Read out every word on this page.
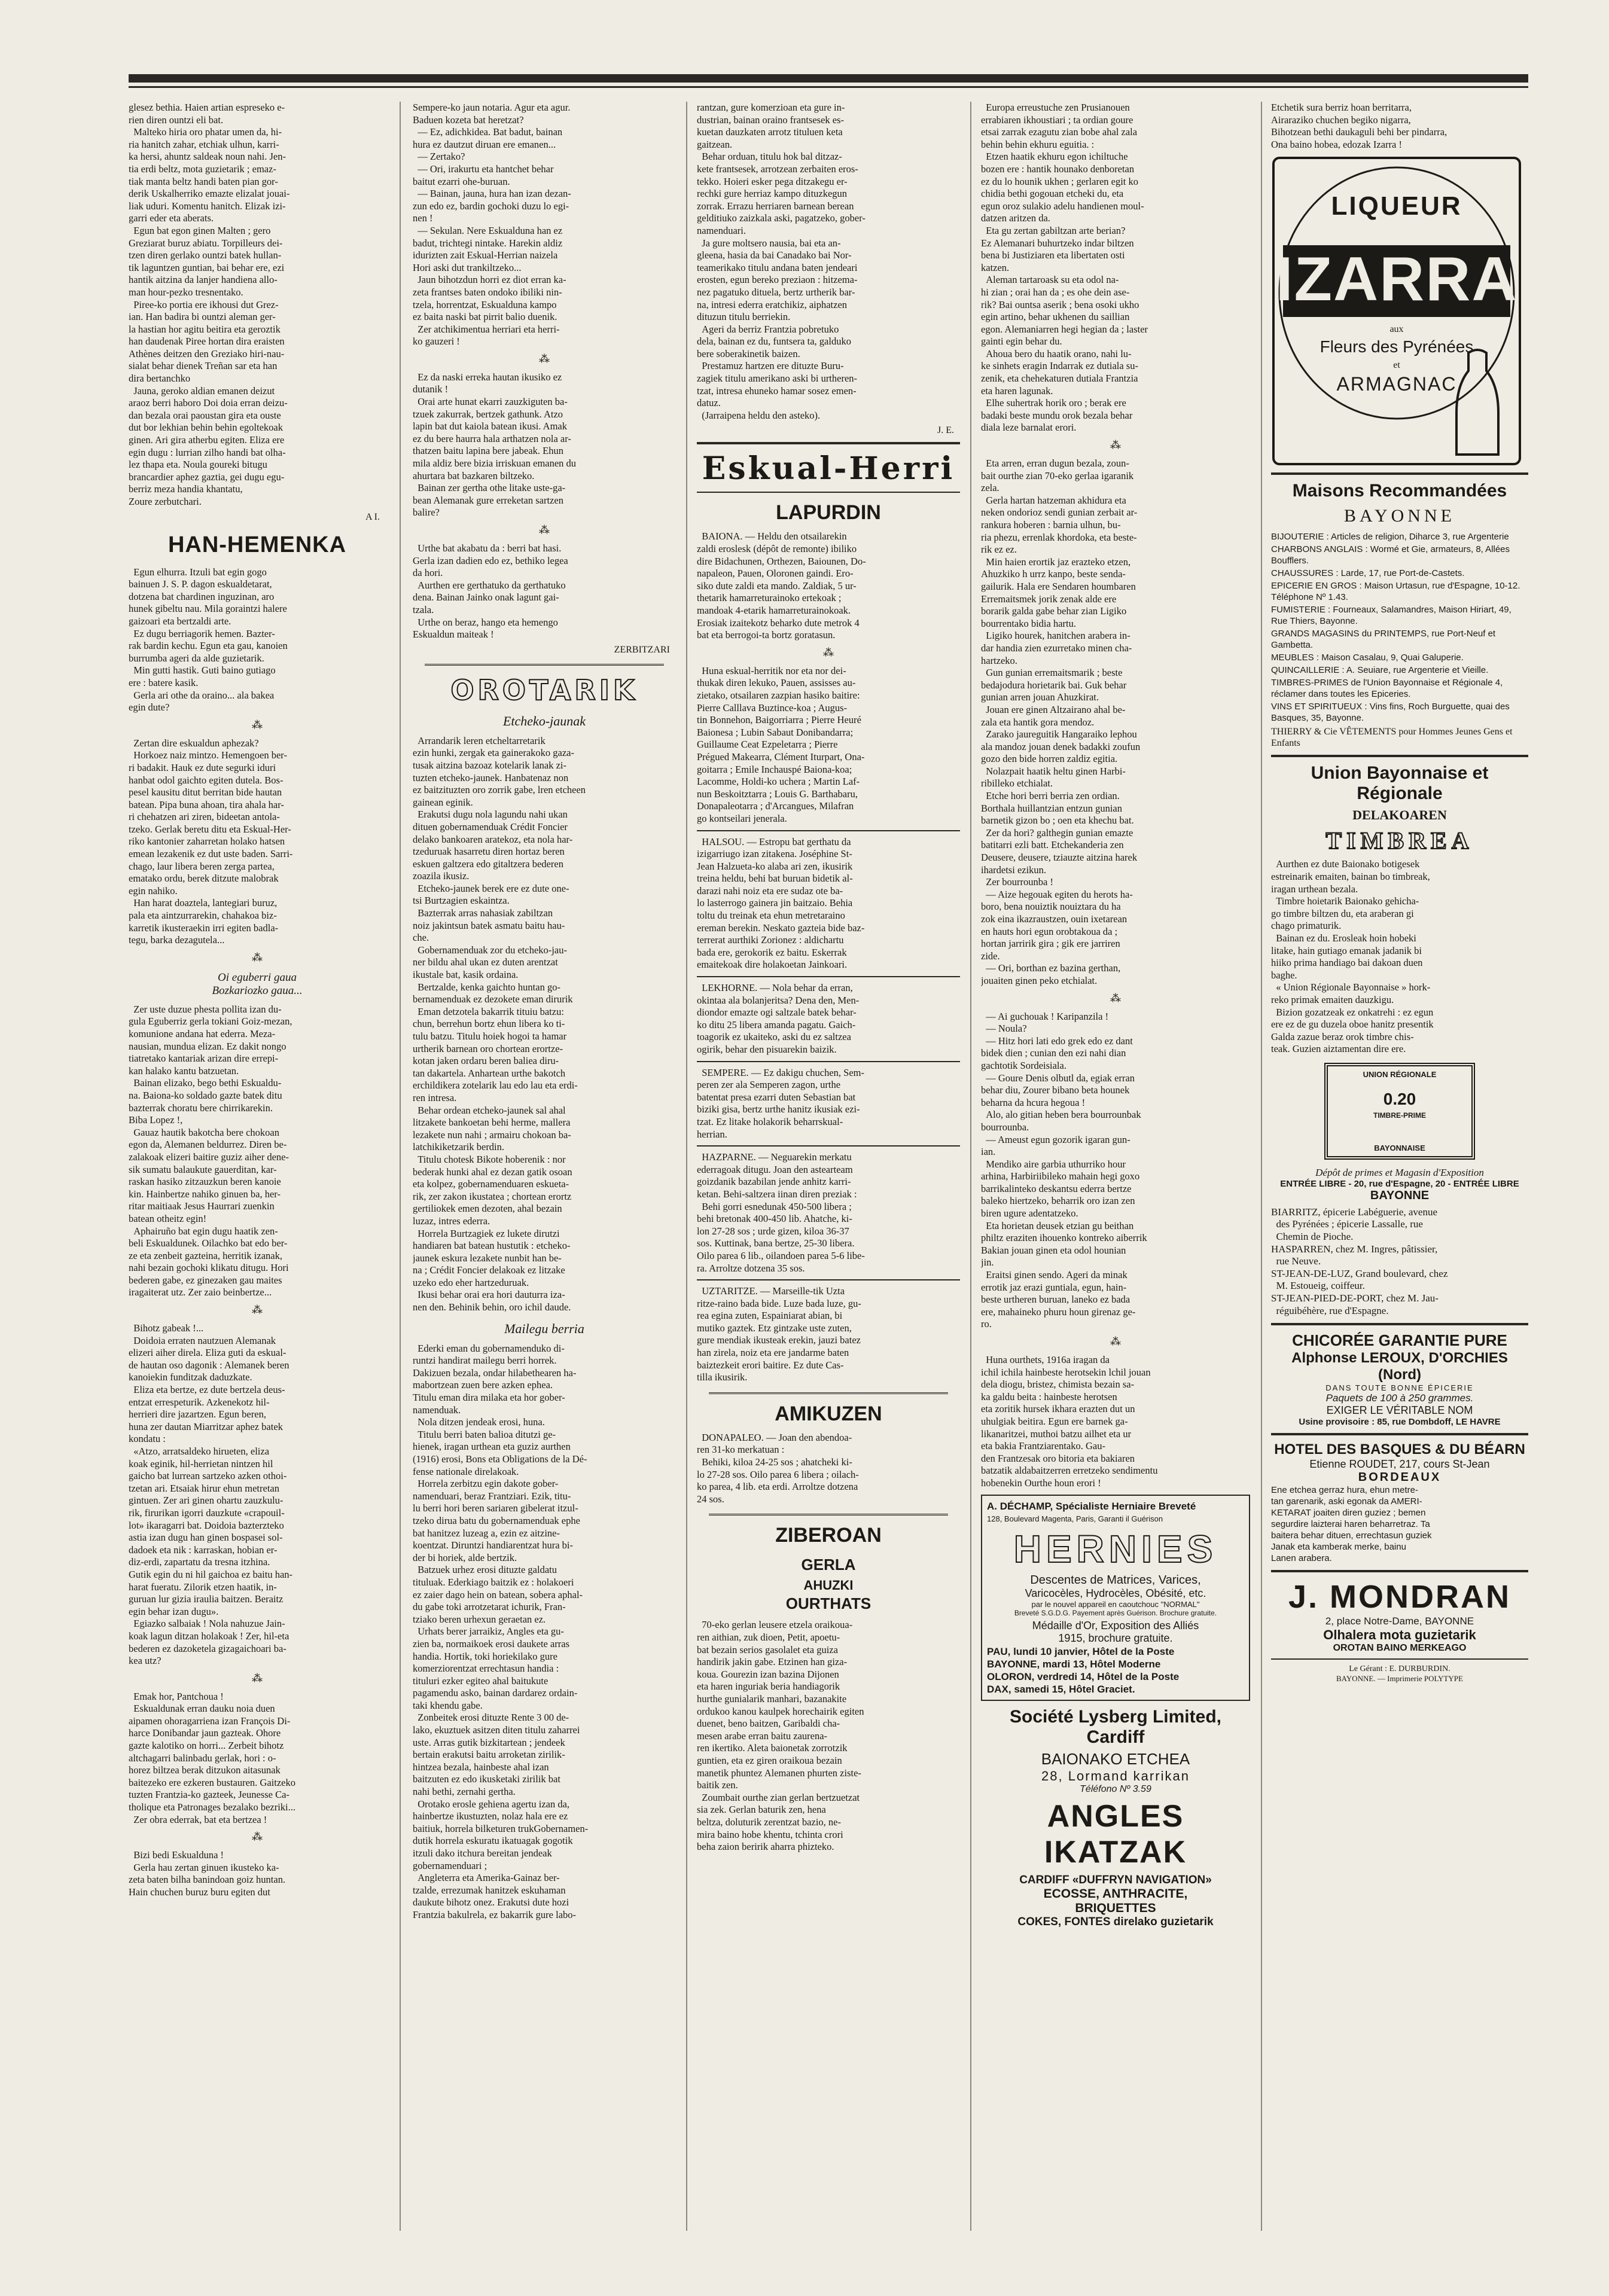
glesez bethia. Haien artian espreseko e-
rien diren ountzi eli bat.
Malteko hiria oro phatar umen da, hi-
ria hanitch zahar, etchiak ulhun, karri-
ka hersi, ahuntz saldeak noun nahi. Jen-
tia erdi beltz, mota guzietarik ; emaz-
tiak manta beltz handi baten pian gor-
derik Uskalherriko emazte elizalat jouai-
liak uduri. Komentu hanitch. Elizak izi-
garri eder eta aberats.
Egun bat egon ginen Malten ; gero
Greziarat buruz abiatu. Torpilleurs dei-
tzen diren gerlako ountzi batek hullan-
tik laguntzen guntian, bai behar ere, ezi
hantik aitzina da lanjer handiena allo-
man hour-pezko tresnentako.
Piree-ko portia ere ikhousi dut Grez-
ian. Han badira bi ountzi aleman ger-
la hastian hor agitu beitira eta geroztik
han daudenak Piree hortan dira eraisten
Athènes deitzen den Greziako hiri-nau-
sialat behar dienek Treñan sar eta han
dira bertanchko
Jauna, geroko aldian emanen deizut
araoz berri haboro Doi doia erran deizu-
dan bezala orai paoustan gira eta ouste
dut bor lekhian behin behin egoltekoak
ginen. Ari gira atherbu egiten. Eliza ere
egin dugu : lurrian zilho handi bat olha-
lez thapa eta. Noula goureki bitugu
brancardier aphez gaztia, gei dugu egu-
berriz meza handia khantatu,
Zoure zerbutchari.

A I.
HAN-HEMENKA

Egun elhurra. Itzuli bat egin gogo
bainuen J. S. P. dagon eskualdetarat,
dotzena bat chardinen inguzinan, aro
hunek gibeltu nau. Mila goraintzi halere
gaizoari eta bertzaldi arte.
Ez dugu berriagorik hemen. Bazter-
rak bardin kechu. Egun eta gau, kanoien
burrumba ageri da alde guzietarik.
Min gutti hastik. Guti baino gutiago
ere : batere kasik.
Gerla ari othe da oraino... ala bakea
egin dute?

⁂

Zertan dire eskualdun aphezak?
Horkoez naiz mintzo. Hemengoen ber-
ri badakit. Hauk ez dute segurki iduri
hanbat odol gaichto egiten dutela. Bos-
pesel kausitu ditut berritan bide hautan
batean. Pipa buna ahoan, tira ahala har-
ri chehatzen ari ziren, bideetan antola-
tzeko. Gerlak beretu ditu eta Eskual-Her-
riko kantonier zaharretan holako hatsen
emean lezakenik ez dut uste baden. Sarri-
chago, laur libera beren zerga partea,
ematako ordu, berek ditzute malobrak
egin nahiko.
Han harat doaztela, lantegiari buruz,
pala eta aintzurrarekin, chahakoa biz-
karretik ikusteraekin irri egiten badla-
tegu, barka dezagutela...

⁂
Oi eguberri gaua
Bozkariozko gaua...

Zer uste duzue phesta pollita izan du-
gula Eguberriz gerla tokiani Goiz-mezan,
komunione andana hat ederra. Meza-
nausian, mundua elizan. Ez dakit nongo
tiatretako kantariak arizan dire errepi-
kan halako kantu batzuetan.
Bainan elizako, bego bethi Eskualdu-
na. Baiona-ko soldado gazte batek ditu
bazterrak choratu bere chirrikarekin.
Biba Lopez !,
Gauaz hautik bakotcha bere chokoan
egon da, Alemanen beldurrez. Diren be-
zalakoak elizeri baitire guziz aiher dene-
sik sumatu balaukute gauerditan, kar-
raskan hasiko zitzauzkun beren kanoie
kin. Hainbertze nahiko ginuen ba, her-
ritar maitiaak Jesus Haurrari zuenkin
batean otheitz egin!
Aphairuño bat egin dugu haatik zen-
beli Eskualdunek. Oilachko bat edo ber-
ze eta zenbeit gazteina, herritik izanak,
nahi bezain gochoki klikatu ditugu. Hori
bederen gabe, ez ginezaken gau maites
iragaiterat utz. Zer zaio beinbertze...

⁂

Bihotz gabeak !...
Doidoia erraten nautzuen Alemanak
elizeri aiher direla. Eliza guti da eskual-
de hautan oso dagonik : Alemanek beren
kanoiekin funditzak daduzkate.
Eliza eta bertze, ez dute bertzela deus-
entzat errespeturik. Azkenekotz hil-
herrieri dire jazartzen. Egun beren,
huna zer dautan Miarritzar aphez batek
kondatu :
«Atzo, arratsaldeko hirueten, eliza
koak eginik, hil-herrietan nintzen hil
gaicho bat lurrean sartzeko azken othoi-
tzetan ari. Etsaiak hirur ehun metretan
gintuen. Zer ari ginen ohartu zauzkulu-
rik, firurikan igorri dauzkute «crapouil-
lot» ikaragarri bat. Doidoia bazterzteko
astia izan dugu han ginen bospasei sol-
dadoek eta nik : karraskan, hobian er-
diz-erdi, zapartatu da tresna itzhina.
Gutik egin du ni hil gaichoa ez baitu han-
harat fueratu. Zilorik etzen haatik, in-
guruan lur gizia iraulia baitzen. Beraitz
egin behar izan dugu».
Egiazko salbaiak ! Nola nahuzue Jain-
koak lagun ditzan holakoak ! Zer, hil-eta
bederen ez dazoketela gizagaichoari ba-
kea utz?

⁂

Emak hor, Pantchoua !
Eskualdunak erran dauku noia duen
aipamen ohoragarriena izan François Di-
harce Donibandar jaun gazteak. Ohore
gazte kalotiko on horri... Zerbeit bihotz
altchagarri balinbadu gerlak, hori : o-
horez biltzea berak ditzukon aitasunak
baitezeko ere ezkeren bustauren. Gaitzeko
tuzten Frantzia-ko gazteek, Jeunesse Ca-
tholique eta Patronages bezalako bezriki...
Zer obra ederrak, bat eta bertzea !

⁂

Bizi bedi Eskualduna !
Gerla hau zertan ginuen ikusteko ka-
zeta baten bilha banindoan goiz huntan.
Hain chuchen buruz buru egiten dut

Sempere-ko jaun notaria. Agur eta agur.
Baduen kozeta bat heretzat?
— Ez, adichkidea. Bat badut, bainan
hura ez dautzut diruan ere emanen...
— Zertako?
— Ori, irakurtu eta hantchet behar
baitut ezarri ohe-buruan.
— Bainan, jauna, hura han izan dezan-
zun edo ez, bardin gochoki duzu lo egi-
nen !
— Sekulan. Nere Eskualduna han ez
badut, trichtegi nintake. Harekin aldiz
idurizten zait Eskual-Herrian naizela
Hori aski dut trankiltzeko...
Jaun bihotzdun horri ez diot erran ka-
zeta frantses baten ondoko ibiliki nin-
tzela, horrentzat, Eskualduna kampo
ez baita naski bat pirrit balio duenik.
Zer atchikimentua herriari eta herri-
ko gauzeri !

⁂

Ez da naski erreka hautan ikusiko ez
dutanik !
Orai arte hunat ekarri zauzkiguten ba-
tzuek zakurrak, bertzek gathunk. Atzo
lapin bat dut kaiola batean ikusi. Amak
ez du bere haurra hala arthatzen nola ar-
thatzen baitu lapina bere jabeak. Ehun
mila aldiz bere bizia irriskuan emanen du
ahurtara bat bazkaren biltzeko.
Bainan zer gertha othe litake uste-ga-
bean Alemanak gure erreketan sartzen
balire?

⁂

Urthe bat akabatu da : berri bat hasi.
Gerla izan dadien edo ez, bethiko legea
da hori.
Aurthen ere gerthatuko da gerthatuko
dena. Bainan Jainko onak lagunt gai-
tzala.
Urthe on beraz, hango eta hemengo
Eskualdun maiteak !

ZERBITZARI
OROTARIK
Etcheko-jaunak

Arrandarik leren etcheltarretarik
ezin hunki, zergak eta gainerakoko gaza-
tusak aitzina bazoaz kotelarik lanak zi-
tuzten etcheko-jaunek. Hanbatenaz non
ez baitzituzten oro zorrik gabe, lren etcheen
gainean eginik.
Erakutsi dugu nola lagundu nahi ukan
dituen gobernamenduak Crédit Foncier
delako bankoaren aratekoz, eta nola har-
tzeduruak hasarretu diren hortaz beren
eskuen galtzera edo gitaltzera bederen
zoazila ikusiz.
Etcheko-jaunek berek ere ez dute one-
tsi Burtzagien eskaintza.
Bazterrak arras nahasiak zabiltzan
noiz jakintsun batek asmatu baitu hau-
che.
Gobernamenduak zor du etcheko-jau-
ner bildu ahal ukan ez duten arentzat
ikustale bat, kasik ordaina.
Bertzalde, kenka gaichto huntan go-
bernamenduak ez dezokete eman dirurik
Eman detzotela bakarrik tituiu batzu:
chun, berrehun bortz ehun libera ko ti-
tulu batzu. Titulu hoiek hogoi ta hamar
urtherik barnean oro chortean erortze-
kotan jaken ordaru beren baliea diru-
tan dakartela. Anhartean urthe bakotch
erchildikera zotelarik lau edo lau eta erdi-
ren intresa.
Behar ordean etcheko-jaunek sal ahal
litzakete bankoetan behi herme, mallera
lezakete nun nahi ; armairu chokoan ba-
latchikiketzarik berdin.
Titulu chotesk Bikote hoberenik : nor
bederak hunki ahal ez dezan gatik osoan
eta kolpez, gobernamenduaren eskueta-
rik, zer zakon ikustatea ; chortean erortz
gertiliokek emen dezoten, ahal bezain
luzaz, intres ederra.
Horrela Burtzagiek ez lukete dirutzi
handiaren bat batean hustutik : etcheko-
jaunek eskura lezakete nunbit han be-
na ; Crédit Foncier delakoak ez litzake
uzeko edo eher hartzeduruak.
Ikusi behar orai era hori dauturra iza-
nen den. Behinik behin, oro ichil daude.

Mailegu berria

Ederki eman du gobernamenduko di-
runtzi handirat mailegu berri horrek.
Dakizuen bezala, ondar hilabethearen ha-
mabortzean zuen bere azken ephea.
Titulu eman dira milaka eta hor gober-
namenduak.
Nola ditzen jendeak erosi, huna.
Titulu berri baten balioa ditutzi ge-
hienek, iragan urthean eta guziz aurthen
(1916) erosi, Bons eta Obligations de la Dé-
fense nationale direlakoak.
Horrela zerbitzu egin dakote gober-
namenduari, beraz Frantziari. Ezik, titu-
lu berri hori beren sariaren gibelerat itzul-
tzeko dirua batu du gobernamenduak ephe
bat hanitzez luzeag a, ezin ez aitzine-
koentzat. Diruntzi handiarentzat hura bi-
der bi horiek, alde bertzik.
Batzuek urhez erosi dituzte galdatu
tituluak. Ederkiago baitzik ez : holakoeri
ez zaier dago hein on batean, sobera aphal-
du gabe toki arrotzetarat ichurik, Fran-
tziako beren urhexun geraetan ez.
Urhats berer jarraikiz, Angles eta gu-
zien ba, normaikoek erosi daukete arras
handia. Hortik, toki horiekilako gure
komerziorentzat errechtasun handia :
tituluri ezker egiteo ahal baitukute
pagamendu asko, bainan dardarez ordain-
taki khendu gabe.
Zonbeitek erosi dituzte Rente 3 00 de-
lako, ekuztuek asitzen diten titulu zaharrei
uste. Arras gutik bizkitartean ; jendeek
bertain erakutsi baitu arroketan zirilik-
hintzea bezala, hainbeste ahal izan
baitzuten ez edo ikusketaki zirilik bat
nahi bethi, zernahi gertha.
Orotako erosle gehiena agertu izan da,
hainbertze ikustuzten, nolaz hala ere ez
baitiuk, horrela bilketuren trukGobernamen-
dutik horrela eskuratu ikatuagak gogotik
itzuli dako itchura bereitan jendeak
gobernamenduari ;
Angleterra eta Amerika-Gainaz ber-
tzalde, errezumak hanitzek eskuhaman
daukute bihotz onez. Erakutsi dute hozi
Frantzia bakulrela, ez bakarrik gure labo-

rantzan, gure komerzioan eta gure in-
dustrian, bainan oraino frantsesek es-
kuetan dauzkaten arrotz tituluen keta
gaitzean.
Behar orduan, titulu hok bal ditzaz-
kete frantsesek, arrotzean zerbaiten eros-
tekko. Hoieri esker pega ditzakegu er-
rechki gure herriaz kampo dituzkegun
zorrak. Errazu herriaren barnean berean
gelditiuko zaizkala aski, pagatzeko, gober-
namenduari.
Ja gure moltsero nausia, bai eta an-
gleena, hasia da bai Canadako bai Nor-
teamerikako titulu andana baten jendeari
erosten, egun bereko preziaon : hitzema-
nez pagatuko dituela, bertz urtherik bar-
na, intresi ederra eratchikiz, aiphatzen
dituzun titulu berriekin.
Ageri da berriz Frantzia pobretuko
dela, bainan ez du, funtsera ta, galduko
bere soberakinetik baizen.
Prestamuz hartzen ere dituzte Buru-
zagiek titulu amerikano aski bi urtheren-
tzat, intresa ehuneko hamar sosez emen-
datuz.
(Jarraipena heldu den asteko).

J. E.
Eskual-Herri
LAPURDIN

BAIONA. — Heldu den otsailarekin
zaldi eroslesk (dépôt de remonte) ibiliko
dire Bidachunen, Orthezen, Baiounen, Do-
napaleon, Pauen, Oloronen gaindi. Ero-
siko dute zaldi eta mando. Zaldiak, 5 ur-
thetarik hamarreturainoko ertekoak ;
mandoak 4-etarik hamarreturainokoak.
Erosiak izaitekotz beharko dute metrok 4
bat eta berrogoi-ta bortz goratasun.

⁂

Huna eskual-herritik nor eta nor dei-
thukak diren lekuko, Pauen, assisses au-
zietako, otsailaren zazpian hasiko baitire:
Pierre Calllava Buztince-koa ; Augus-
tin Bonnehon, Baigorriarra ; Pierre Heuré
Baionesa ; Lubin Sabaut Donibandarra;
Guillaume Ceat Ezpeletarra ; Pierre
Prégued Makearra, Clément Iturpart, Ona-
goitarra ; Emile Inchauspé Baiona-koa;
Lacomme, Holdi-ko uchera ; Martin Laf-
nun Beskoitztarra ; Louis G. Barthabaru,
Donapaleotarra ; d'Arcangues, Milafran
go kontseilari jenerala.

HALSOU. — Estropu bat gerthatu da
izigarriugo izan zitakena. Joséphine St-
Jean Halzueta-ko alaba ari zen, ikusirik
treina heldu, behi bat buruan bidetik al-
darazi nahi noiz eta ere sudaz ote ba-
lo lasterrogo gainera jin baitzaio. Behia
toltu du treinak eta ehun metretaraino
ereman berekin. Neskato gazteia bide baz-
terrerat aurthiki Zorionez : aldichartu
bada ere, gerokorik ez baitu. Eskerrak
emaitekoak dire holakoetan Jainkoari.

LEKHORNE. — Nola behar da erran,
okintaa ala bolanjeritsa? Dena den, Men-
diondor emazte ogi saltzale batek behar-
ko ditu 25 libera amanda pagatu. Gaich-
toagorik ez ukaiteko, aski du ez saltzea
ogirik, behar den pisuarekin baizik.

SEMPERE. — Ez dakigu chuchen, Sem-
peren zer ala Semperen zagon, urthe
batentat presa ezarri duten Sebastian bat
biziki gisa, bertz urthe hanitz ikusiak ezi-
tzat. Ez litake holakorik beharrskual-
herrian.

HAZPARNE. — Neguarekin merkatu
ederragoak ditugu. Joan den astearteam
goizdanik bazabilan jende anhitz karri-
ketan. Behi-saltzera iinan diren preziak :
Behi gorri esnedunak 450-500 libera ;
behi bretonak 400-450 lib. Ahatche, ki-
lon 27-28 sos ; urde gizen, kiloa 36-37
sos. Kuttinak, bana bertze, 25-30 libera.
Oilo parea 6 lib., oilandoen parea 5-6 libe-
ra. Arroltze dotzena 35 sos.

UZTARITZE. — Marseille-tik Uzta
ritze-raino bada bide. Luze bada luze, gu-
rea egina zuten, Espainiarat abian, bi
mutiko gaztek. Etz gintzake uste zuten,
gure mendiak ikusteak erekin, jauzi batez
han zirela, noiz eta ere jandarme baten
baiztezkeit erori baitire. Ez dute Cas-
tilla ikusirik.

AMIKUZEN

DONAPALEO. — Joan den abendoa-
ren 31-ko merkatuan :
Behiki, kiloa 24-25 sos ; ahatcheki ki-
lo 27-28 sos. Oilo parea 6 libera ; oilach-
ko parea, 4 lib. eta erdi. Arroltze dotzena
24 sos.

ZIBEROAN
GERLA
AHUZKI
OURTHATS

70-eko gerlan leusere etzela oraikoua-
ren aithian, zuk dioen, Petit, apoetu-
bat bezain serios gasolalet eta guiza
handirik jakin gabe. Etzinen han giza-
koua. Gourezin izan bazina Dijonen
eta haren inguriak beria handiagorik
hurthe gunialarik manhari, bazanakite
ordukoo kanou kaulpek horechairik egiten
duenet, beno baitzen, Garibaldi cha-
mesen arabe erran baitu zaurena-
ren ikertiko. Aleta baionetak zorrotzik
guntien, eta ez giren oraikoua bezain
manetik phuntez Alemanen phurten ziste-
baitik zen.
Zoumbait ourthe zian gerlan bertzuetzat
sia zek. Gerlan baturik zen, hena
beltza, doluturik zerentzat bazio, ne-
mira baino hobe khentu, tchinta crori
beha zaion beririk aharra phizteko.

Europa erreustuche zen Prusianouen
errabiaren ikhoustiari ; ta ordian goure
etsai zarrak ezagutu zian bobe ahal zala
behin behin ekhuru eguitia. :
Etzen haatik ekhuru egon ichiltuche
bozen ere : hantik hounako denboretan
ez du lo hounik ukhen ; gerlaren egit ko
chidia bethi gogouan etcheki du, eta
egun oroz sulakio adelu handienen moul-
datzen aritzen da.
Eta gu zertan gabiltzan arte berian?
Ez Alemanari buhurtzeko indar biltzen
bena bi Justiziaren eta libertaten osti
katzen.
Aleman tartaroask su eta odol na-
hi zian ; orai han da ; es ohe dein ase-
rik? Bai ountsa aserik ; bena osoki ukho
egin artino, behar ukhenen du saillian
egon. Alemaniarren hegi hegian da ; laster
gainti egin behar du.
Ahoua bero du haatik orano, nahi lu-
ke sinhets eragin Indarrak ez dutiala su-
zenik, eta chehekaturen dutiala Frantzia
eta haren lagunak.
Elhe suhertrak horik oro ; berak ere
badaki beste mundu orok bezala behar
diala leze barnalat erori.

⁂

Eta arren, erran dugun bezala, zoun-
bait ourthe zian 70-eko gerlaa igaranik
zela.
Gerla hartan hatzeman akhidura eta
neken ondorioz sendi gunian zerbait ar-
rankura hoberen : barnia ulhun, bu-
ria phezu, errenlak khordoka, eta beste-
rik ez ez.
Min haien erortik jaz erazteko etzen,
Ahuzkiko h urrz kanpo, beste senda-
gailurik. Hala ere Sendaren houmbaren
Erremaitsmek jorik zenak alde ere
borarik galda gabe behar zian Ligiko
bourrentako bidia hartu.
Ligiko hourek, hanitchen arabera in-
dar handia zien ezurretako minen cha-
hartzeko.
Gun gunian erremaitsmarik ; beste
bedajodura horietarik bai. Guk behar
gunian arren jouan Ahuzkirat.
Jouan ere ginen Altzairano ahal be-
zala eta hantik gora mendoz.
Zarako jaureguitik Hangaraiko lephou
ala mandoz jouan denek badakki zoufun
gozo den bide horren zaldiz egitia.
Nolazpait haatik heltu ginen Harbi-
ribilleko etchialat.
Etche hori berri berria zen ordian.
Borthala huillantzian entzun gunian
barnetik gizon bo ; oen eta khechu bat.
Zer da hori? galthegin gunian emazte
batitarri ezli batt. Etchekanderia zen
Deusere, deusere, tziauzte aitzina harek
ihardetsi ezikun.
Zer bourrounba !
— Aize hegouak egiten du herots ha-
boro, bena nouiztik nouiztara du ha
zok eina ikazraustzen, ouin ixetarean
en hauts hori egun orobtakoua da ;
hortan jarririk gira ; gik ere jarriren
zide.
— Ori, borthan ez bazina gerthan,
jouaiten ginen peko etchialat.

⁂

— Ai guchouak ! Karipanzila !
— Noula?
— Hitz hori lati edo grek edo ez dant
bidek dien ; cunian den ezi nahi dian
gachtotik Sordeisiala.
— Goure Denis olbutl da, egiak erran
behar diu, Zourer bibano beta hounek
beharna da hcura hegoua !
Alo, alo gitian heben bera bourrounbak
bourrounba.
— Ameust egun gozorik igaran gun-
ian.
Mendiko aire garbia uthurriko hour
arhina, Harbiriibileko mahain hegi goxo
barrikalinteko deskantsu ederra bertze
baleko hiertzeko, beharrik oro izan zen
biren ugure adentatzeko.
Eta horietan deusek etzian gu beithan
philtz eraziten ihouenko kontreko aiberrik
Bakian jouan ginen eta odol hounian
jin.
Eraitsi ginen sendo. Ageri da minak
errotik jaz erazi guntiala, egun, hain-
beste urtheren buruan, laneko ez bada
ere, mahaineko phuru houn girenaz ge-
ro.

⁂

Huna ourthets, 1916a iragan da
ichil ichila hainbeste herotsekin lchil jouan
dela diogu, bristez, chimista bezain sa-
ka galdu beita : hainbeste herotsen
eta zoritik hursek ikhara erazten dut un
uhulgiak beitira. Egun ere barnek ga-
likanaritzei, muthoi batzu ailhet eta ur
eta bakia Frantziarentako. Gau-
den Frantzesak oro bitoria eta bakiaren
batzatik aldabaitzerren erretzeko sendimentu
hobenekin Ourthe houn erori !

A. DÉCHAMP, Spécialiste Herniaire Breveté
128, Boulevard Magenta, Paris, Garanti il Guérison
HERNIES
Descentes de Matrices, Varices,
Varicocèles, Hydrocèles, Obésité, etc.
par le nouvel appareil en caoutchouc "NORMAL"
Breveté S.G.D.G. Payement après Guérison. Brochure gratuite.
Médaille d'Or, Exposition des Alliés
1915, brochure gratuite.
PAU, lundi 10 janvier, Hôtel de la Poste
BAYONNE, mardi 13, Hôtel Moderne
OLORON, verdredi 14, Hôtel de la Poste
DAX, samedi 15, Hôtel Graciet.
Société Lysberg Limited, Cardiff
BAIONAKO ETCHEA
28, Lormand karrikan
Téléfono Nº 3.59
ANGLES IKATZAK
CARDIFF «DUFFRYN NAVIGATION»
ECOSSE, ANTHRACITE,
BRIQUETTES
COKES, FONTES direlako guzietarik

Etchetik sura berriz hoan berritarra,
Airaraziko chuchen begiko nigarra,
Bihotzean bethi daukaguli behi ber pindarra,
Ona baino hobea, edozak Izarra !

LIQUEUR
IZARRA
aux
Fleurs des Pyrénées
et
ARMAGNAC
Maisons Recommandées
BAYONNE
BIJOUTERIE : Articles de religion, Diharce 3, rue Argenterie
CHARBONS ANGLAIS : Wormé et Gie, armateurs, 8, Allées Boufflers.
CHAUSSURES : Larde, 17, rue Port-de-Castets.
EPICERIE EN GROS : Maison Urtasun, rue d'Espagne, 10-12. Téléphone Nº 1.43.
FUMISTERIE : Fourneaux, Salamandres, Maison Hiriart, 49, Rue Thiers, Bayonne.
GRANDS MAGASINS du PRINTEMPS, rue Port-Neuf et Gambetta.
MEUBLES : Maison Casalau, 9, Quai Galuperie.
QUINCAILLERIE : A. Seuiare, rue Argenterie et Vieille.
TIMBRES-PRIMES de l'Union Bayonnaise et Régionale 4, réclamer dans toutes les Epiceries.
VINS ET SPIRITUEUX : Vins fins, Roch Burguette, quai des Basques, 35, Bayonne.
THIERRY & Cie VÊTEMENTS pour Hommes Jeunes Gens et Enfants
Union Bayonnaise et Régionale
DELAKOAREN
TIMBREA

Aurthen ez dute Baionako botigesek
estreinarik emaiten, bainan bo timbreak,
iragan urthean bezala.
Timbre hoietarik Baionako gehicha-
go timbre biltzen du, eta araberan gi
chago primaturik.
Bainan ez du. Erosleak hoin hobeki
litake, hain gutiago emanak jadanik bi
hiiko prima handiago bai dakoan duen
baghe.
« Union Régionale Bayonnaise » hork-
reko primak emaiten dauzkigu.
Bizion gozatzeak ez onkatrehi : ez egun
ere ez de gu duzela oboe hanitz presentik
Galda zazue beraz orok timbre chis-
teak. Guzien aiztamentan dire ere.

UNION RÉGIONALE
0.20
TIMBRE-PRIME
BAYONNAISE
Dépôt de primes et Magasin d'Exposition
ENTRÉE LIBRE - 20, rue d'Espagne, 20 - ENTRÉE LIBRE
BAYONNE

BIARRITZ, épicerie Labéguerie, avenue
des Pyrénées ; épicerie Lassalle, rue
Chemin de Pioche.
HASPARREN, chez M. Ingres, pâtissier,
rue Neuve.
ST-JEAN-DE-LUZ, Grand boulevard, chez
M. Estoueig, coiffeur.
ST-JEAN-PIED-DE-PORT, chez M. Jau-
réguibéhère, rue d'Espagne.

CHICORÉE GARANTIE PURE
Alphonse LEROUX, D'ORCHIES (Nord)
DANS TOUTE BONNE ÉPICERIE
Paquets de 100 à 250 grammes.
EXIGER LE VÉRITABLE NOM
Usine provisoire : 85, rue Dombdoff, LE HAVRE
HOTEL DES BASQUES & DU BÉARN
Etienne ROUDET, 217, cours St-Jean
BORDEAUX

Ene etchea gerraz hura, ehun metre-
tan garenarik, aski egonak da AMERI-
KETARAT joaiten diren guziez ; bemen
segurdire laizterai haren beharretraz. Ta
baitera behar dituen, errechtasun guziek
Janak eta kamberak merke, bainu
Lanen arabera.

J. MONDRAN
2, place Notre-Dame, BAYONNE
Olhalera mota guzietarik
OROTAN BAINO MERKEAGO
Le Gérant : E. DURBURDIN.
BAYONNE. — Imprimerie POLYTYPE
